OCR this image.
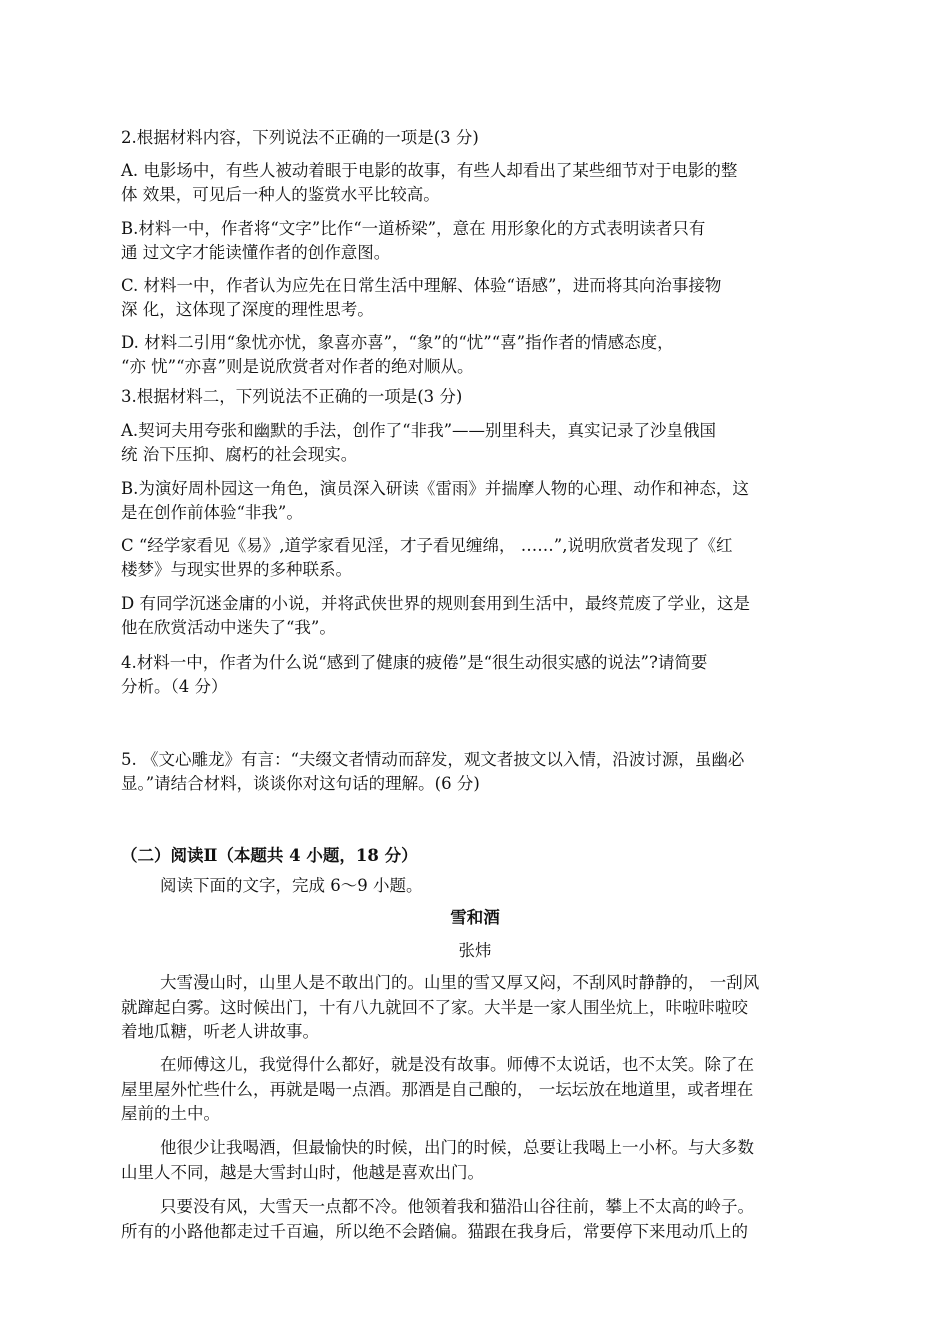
2.根据材料内容，下列说法不正确的一项是(3 分)
A. 电影场中，有些人被动着眼于电影的故事，有些人却看出了某些细节对于电影的整
体 效果，可见后一种人的鉴赏水平比较高。
B.材料一中，作者将“文字”比作“一道桥梁”，意在 用形象化的方式表明读者只有
通 过文字才能读懂作者的创作意图。
C. 材料一中，作者认为应先在日常生活中理解、体验“语感”，进而将其向治事接物
深 化，这体现了深度的理性思考。
D. 材料二引用“象忧亦忧，象喜亦喜”，“象”的“忧”“喜”指作者的情感态度，
“亦 忧”“亦喜”则是说欣赏者对作者的绝对顺从。
3.根据材料二，下列说法不正确的一项是(3 分)
A.契诃夫用夸张和幽默的手法，创作了“非我”——别里科夫，真实记录了沙皇俄国
统 治下压抑、腐朽的社会现实。
B.为演好周朴园这一角色，演员深入研读《雷雨》并揣摩人物的心理、动作和神态，这
是在创作前体验“非我”。
C “经学家看见《易》,道学家看见淫，才子看见缠绵， ……”,说明欣赏者发现了《红
楼梦》与现实世界的多种联系。
D 有同学沉迷金庸的小说，并将武侠世界的规则套用到生活中，最终荒废了学业，这是
他在欣赏活动中迷失了“我”。
4.材料一中，作者为什么说“感到了健康的疲倦”是“很生动很实感的说法”?请简要
分析。（4 分）
5. 《文心雕龙》有言：“夫缀文者情动而辞发，观文者披文以入情，沿波讨源，虽幽必
显。”请结合材料，谈谈你对这句话的理解。(6 分)
（二）阅读Ⅱ（本题共 4 小题，18 分）
阅读下面的文字，完成 6～9 小题。
雪和酒
张炜
大雪漫山时，山里人是不敢出门的。山里的雪又厚又闷，不刮风时静静的， 一刮风
就蹿起白雾。这时候出门，十有八九就回不了家。大半是一家人围坐炕上，咔啦咔啦咬
着地瓜糖，听老人讲故事。
在师傅这儿，我觉得什么都好，就是没有故事。师傅不太说话，也不太笑。除了在
屋里屋外忙些什么，再就是喝一点酒。那酒是自己酿的， 一坛坛放在地道里，或者埋在
屋前的土中。
他很少让我喝酒，但最愉快的时候，出门的时候，总要让我喝上一小杯。与大多数
山里人不同，越是大雪封山时，他越是喜欢出门。
只要没有风，大雪天一点都不冷。他领着我和猫沿山谷往前，攀上不太高的岭子。
所有的小路他都走过千百遍，所以绝不会踏偏。猫跟在我身后，常要停下来甩动爪上的
